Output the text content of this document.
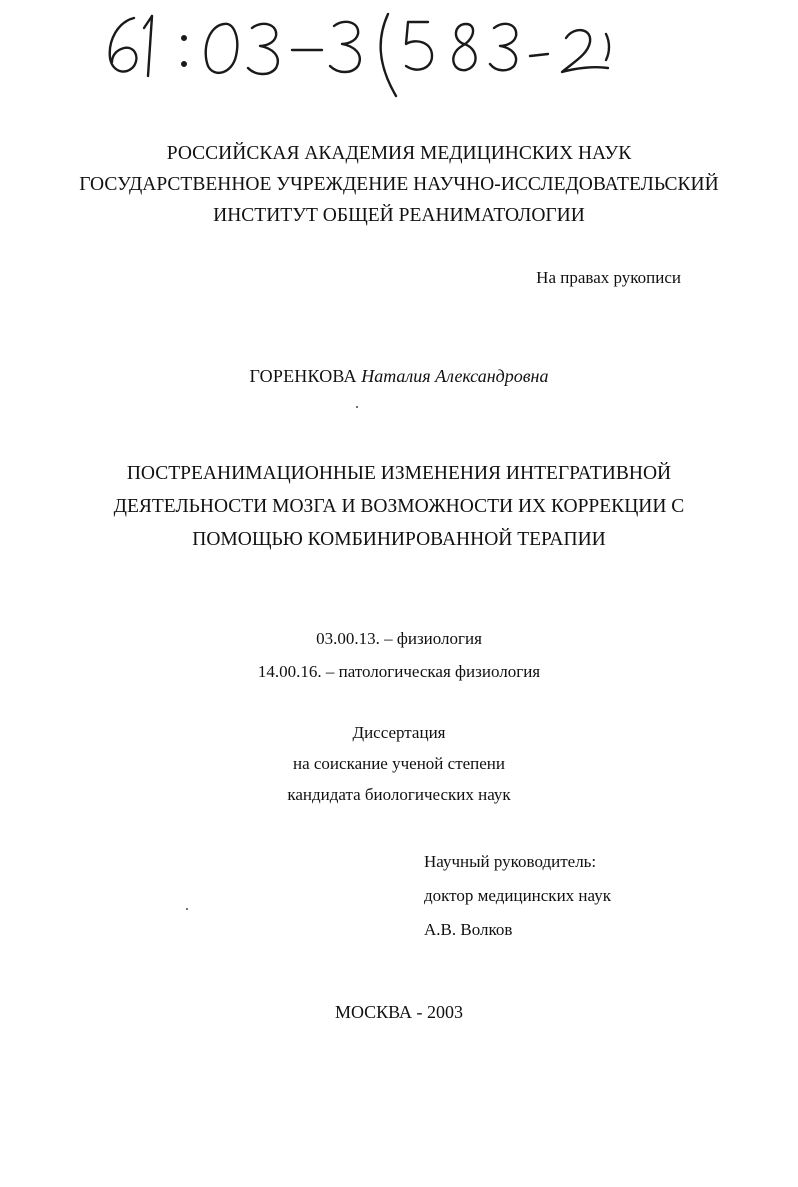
РОССИЙСКАЯ АКАДЕМИЯ МЕДИЦИНСКИХ НАУК
ГОСУДАРСТВЕННОЕ УЧРЕЖДЕНИЕ НАУЧНО-ИССЛЕДОВАТЕЛЬСКИЙ
ИНСТИТУТ ОБЩЕЙ РЕАНИМАТОЛОГИИ
На правах рукописи
ГОРЕНКОВА Наталия Александровна
ПОСТРЕАНИМАЦИОННЫЕ ИЗМЕНЕНИЯ ИНТЕГРАТИВНОЙ
ДЕЯТЕЛЬНОСТИ МОЗГА И ВОЗМОЖНОСТИ ИХ КОРРЕКЦИИ С
ПОМОЩЬЮ КОМБИНИРОВАННОЙ ТЕРАПИИ
03.00.13. – физиология
14.00.16. – патологическая физиология
Диссертация
на соискание ученой степени
кандидата биологических наук
Научный руководитель:
доктор медицинских наук
А.В. Волков
МОСКВА - 2003
